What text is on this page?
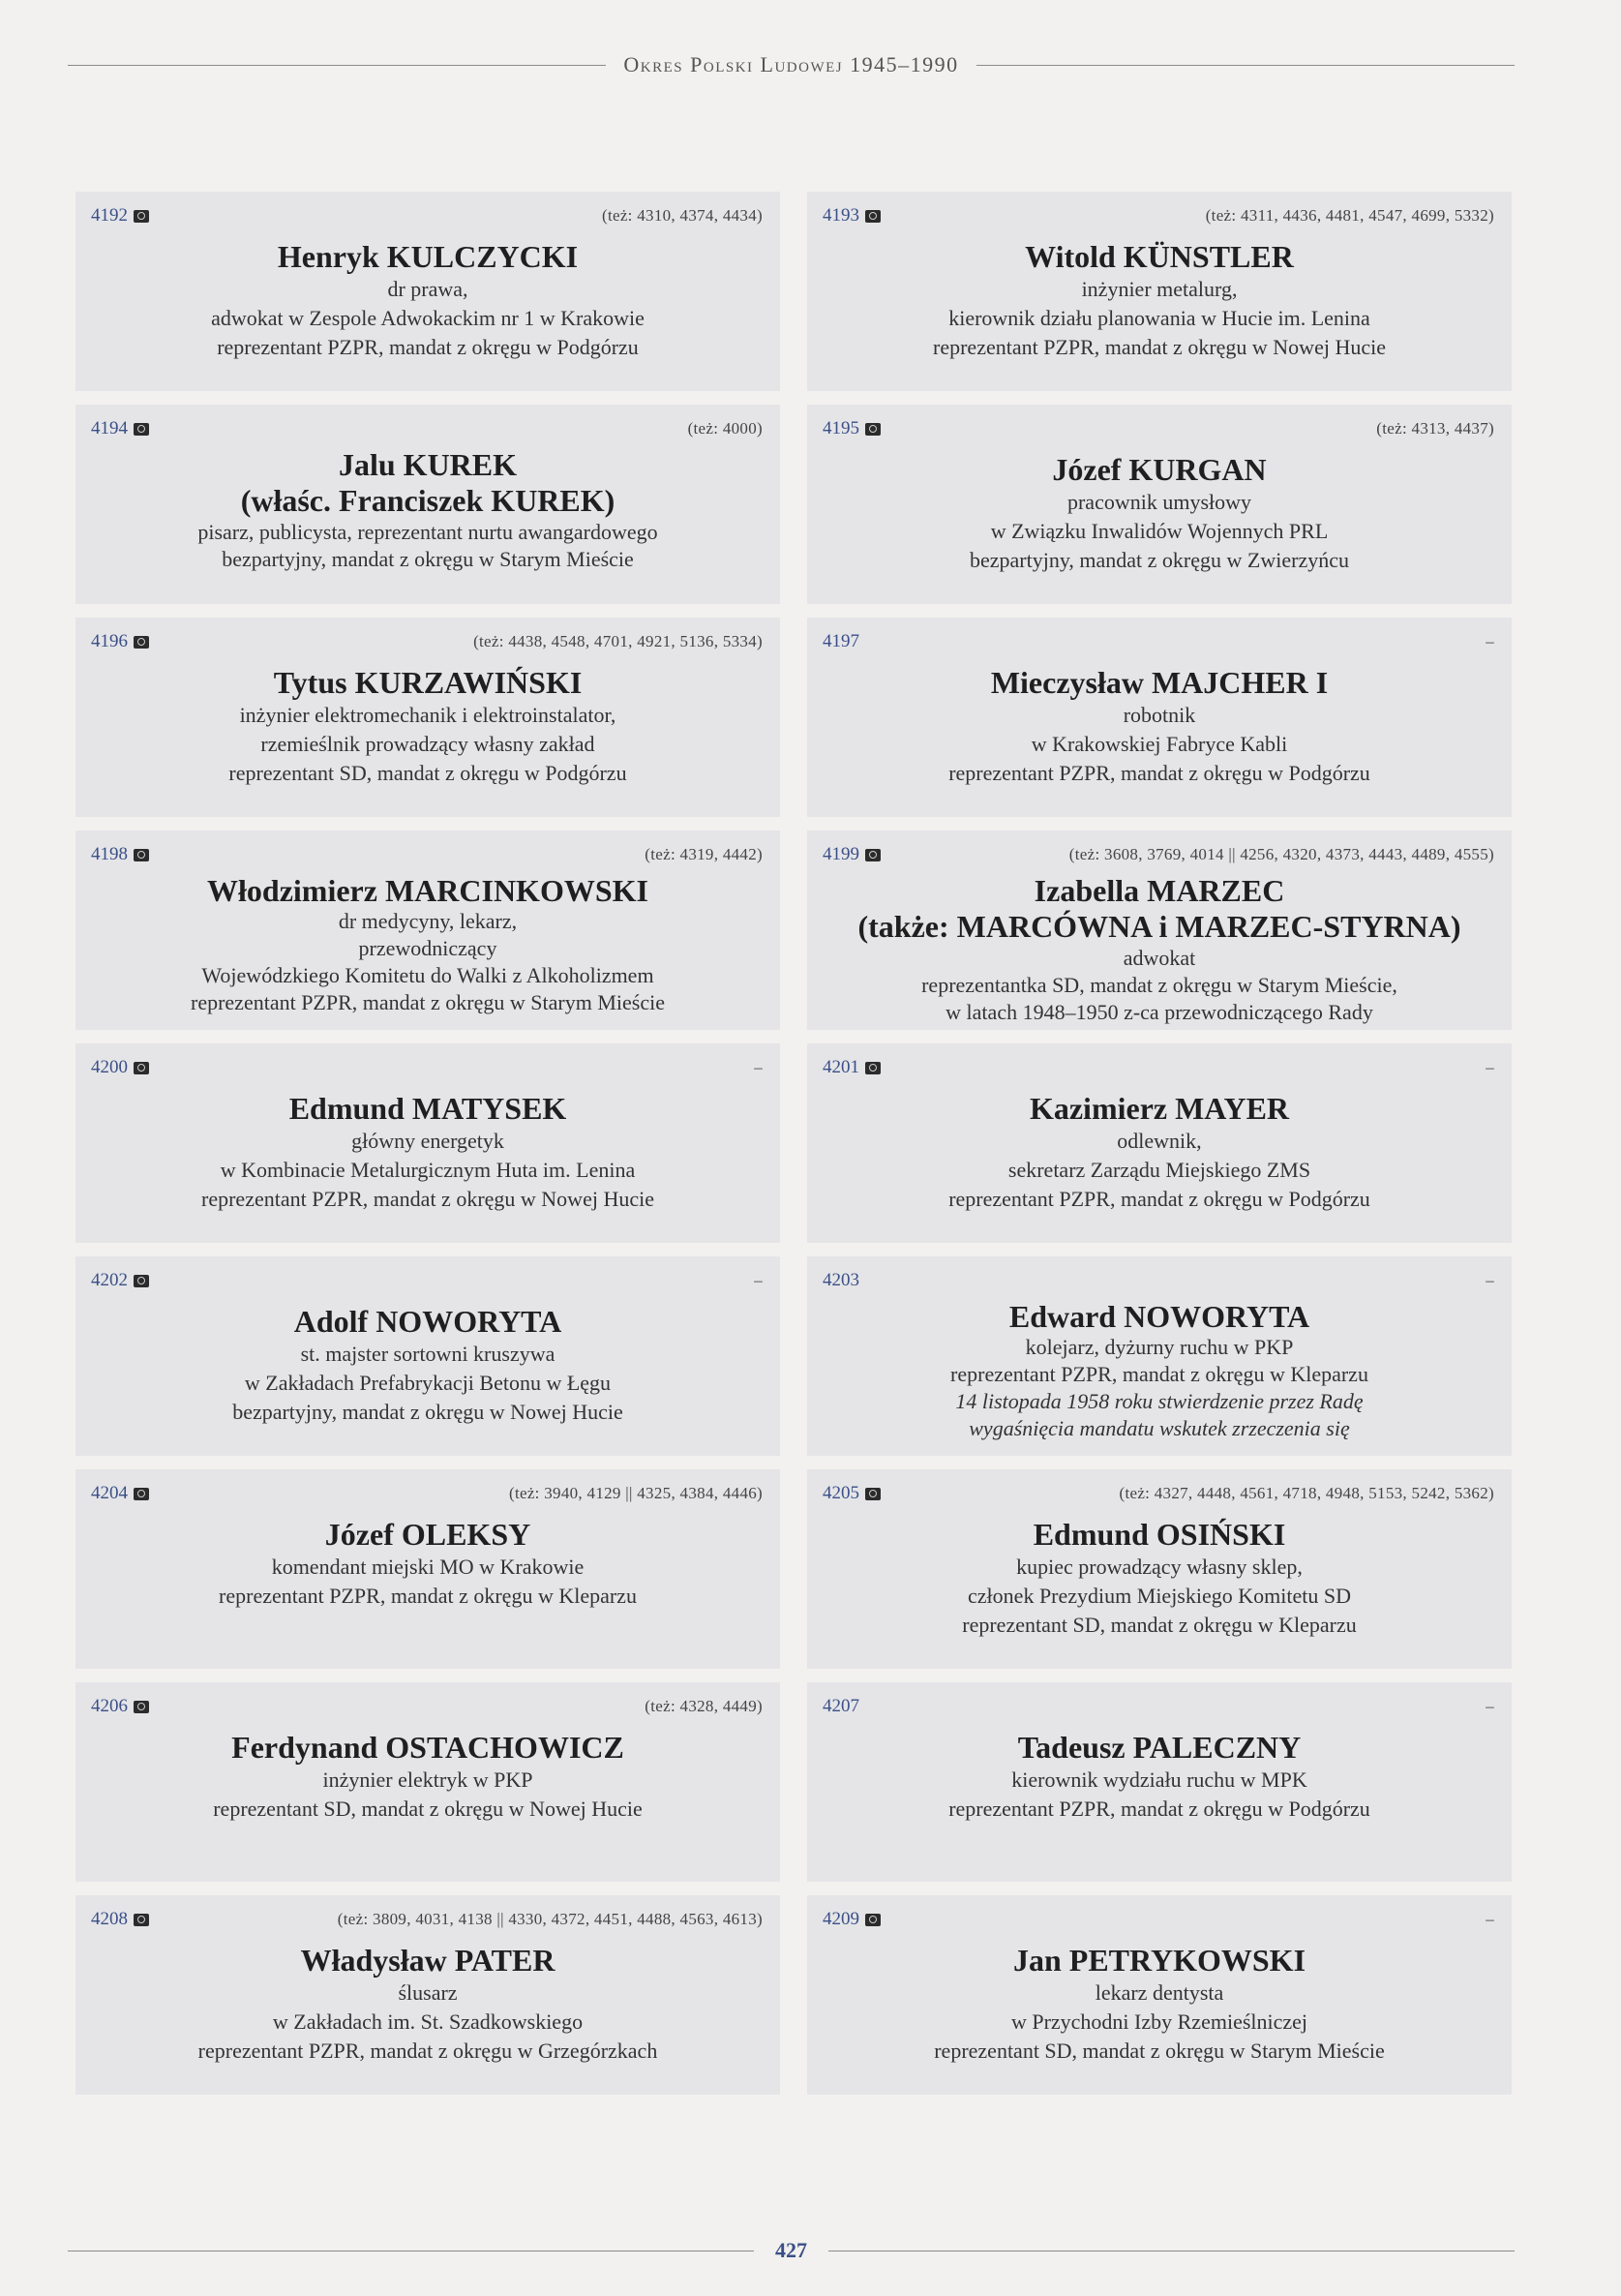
Okres Polski Ludowej 1945–1990
4192	(też: 4310, 4374, 4434)
Henryk KULCZYCKI
dr prawa,
adwokat w Zespole Adwokackim nr 1 w Krakowie
reprezentant PZPR, mandat z okręgu w Podgórzu
4193	(też: 4311, 4436, 4481, 4547, 4699, 5332)
Witold KÜNSTLER
inżynier metalurg,
kierownik działu planowania w Hucie im. Lenina
reprezentant PZPR, mandat z okręgu w Nowej Hucie
4194	(też: 4000)
Jalu KUREK
(właśc. Franciszek KUREK)
pisarz, publicysta, reprezentant nurtu awangardowego
bezpartyjny, mandat z okręgu w Starym Mieście
4195	(też: 4313, 4437)
Józef KURGAN
pracownik umysłowy
w Związku Inwalidów Wojennych PRL
bezpartyjny, mandat z okręgu w Zwierzyńcu
4196	(też: 4438, 4548, 4701, 4921, 5136, 5334)
Tytus KURZAWIŃSKI
inżynier elektromechanik i elektroinstalator,
rzemieślnik prowadzący własny zakład
reprezentant SD, mandat z okręgu w Podgórzu
4197	–
Mieczysław MAJCHER I
robotnik
w Krakowskiej Fabryce Kabli
reprezentant PZPR, mandat z okręgu w Podgórzu
4198	(też: 4319, 4442)
Włodzimierz MARCINKOWSKI
dr medycyny, lekarz,
przewodniczący
Wojewódzkiego Komitetu do Walki z Alkoholizmem
reprezentant PZPR, mandat z okręgu w Starym Mieście
4199	(też: 3608, 3769, 4014 || 4256, 4320, 4373, 4443, 4489, 4555)
Izabella MARZEC
(także: MARCÓWNA i MARZEC-STYRNA)
adwokat
reprezentantka SD, mandat z okręgu w Starym Mieście,
w latach 1948–1950 z-ca przewodniczącego Rady
4200	–
Edmund MATYSEK
główny energetyk
w Kombinacie Metalurgicznym Huta im. Lenina
reprezentant PZPR, mandat z okręgu w Nowej Hucie
4201	–
Kazimierz MAYER
odlewnik,
sekretarz Zarządu Miejskiego ZMS
reprezentant PZPR, mandat z okręgu w Podgórzu
4202	–
Adolf NOWORYTA
st. majster sortowni kruszywa
w Zakładach Prefabrykacji Betonu w Łęgu
bezpartyjny, mandat z okręgu w Nowej Hucie
4203	–
Edward NOWORYTA
kolejarz, dyżurny ruchu w PKP
reprezentant PZPR, mandat z okręgu w Kleparzu
14 listopada 1958 roku stwierdzenie przez Radę
wygaśnięcia mandatu wskutek zrzeczenia się
4204	(też: 3940, 4129 || 4325, 4384, 4446)
Józef OLEKSY
komendant miejski MO w Krakowie
reprezentant PZPR, mandat z okręgu w Kleparzu
4205	(też: 4327, 4448, 4561, 4718, 4948, 5153, 5242, 5362)
Edmund OSIŃSKI
kupiec prowadzący własny sklep,
członek Prezydium Miejskiego Komitetu SD
reprezentant SD, mandat z okręgu w Kleparzu
4206	(też: 4328, 4449)
Ferdynand OSTACHOWICZ
inżynier elektryk w PKP
reprezentant SD, mandat z okręgu w Nowej Hucie
4207	–
Tadeusz PALECZNY
kierownik wydziału ruchu w MPK
reprezentant PZPR, mandat z okręgu w Podgórzu
4208	(też: 3809, 4031, 4138 || 4330, 4372, 4451, 4488, 4563, 4613)
Władysław PATER
ślusarz
w Zakładach im. St. Szadkowskiego
reprezentant PZPR, mandat z okręgu w Grzegórzkach
4209	–
Jan PETRYKOWSKI
lekarz dentysta
w Przychodni Izby Rzemieślniczej
reprezentant SD, mandat z okręgu w Starym Mieście
427
